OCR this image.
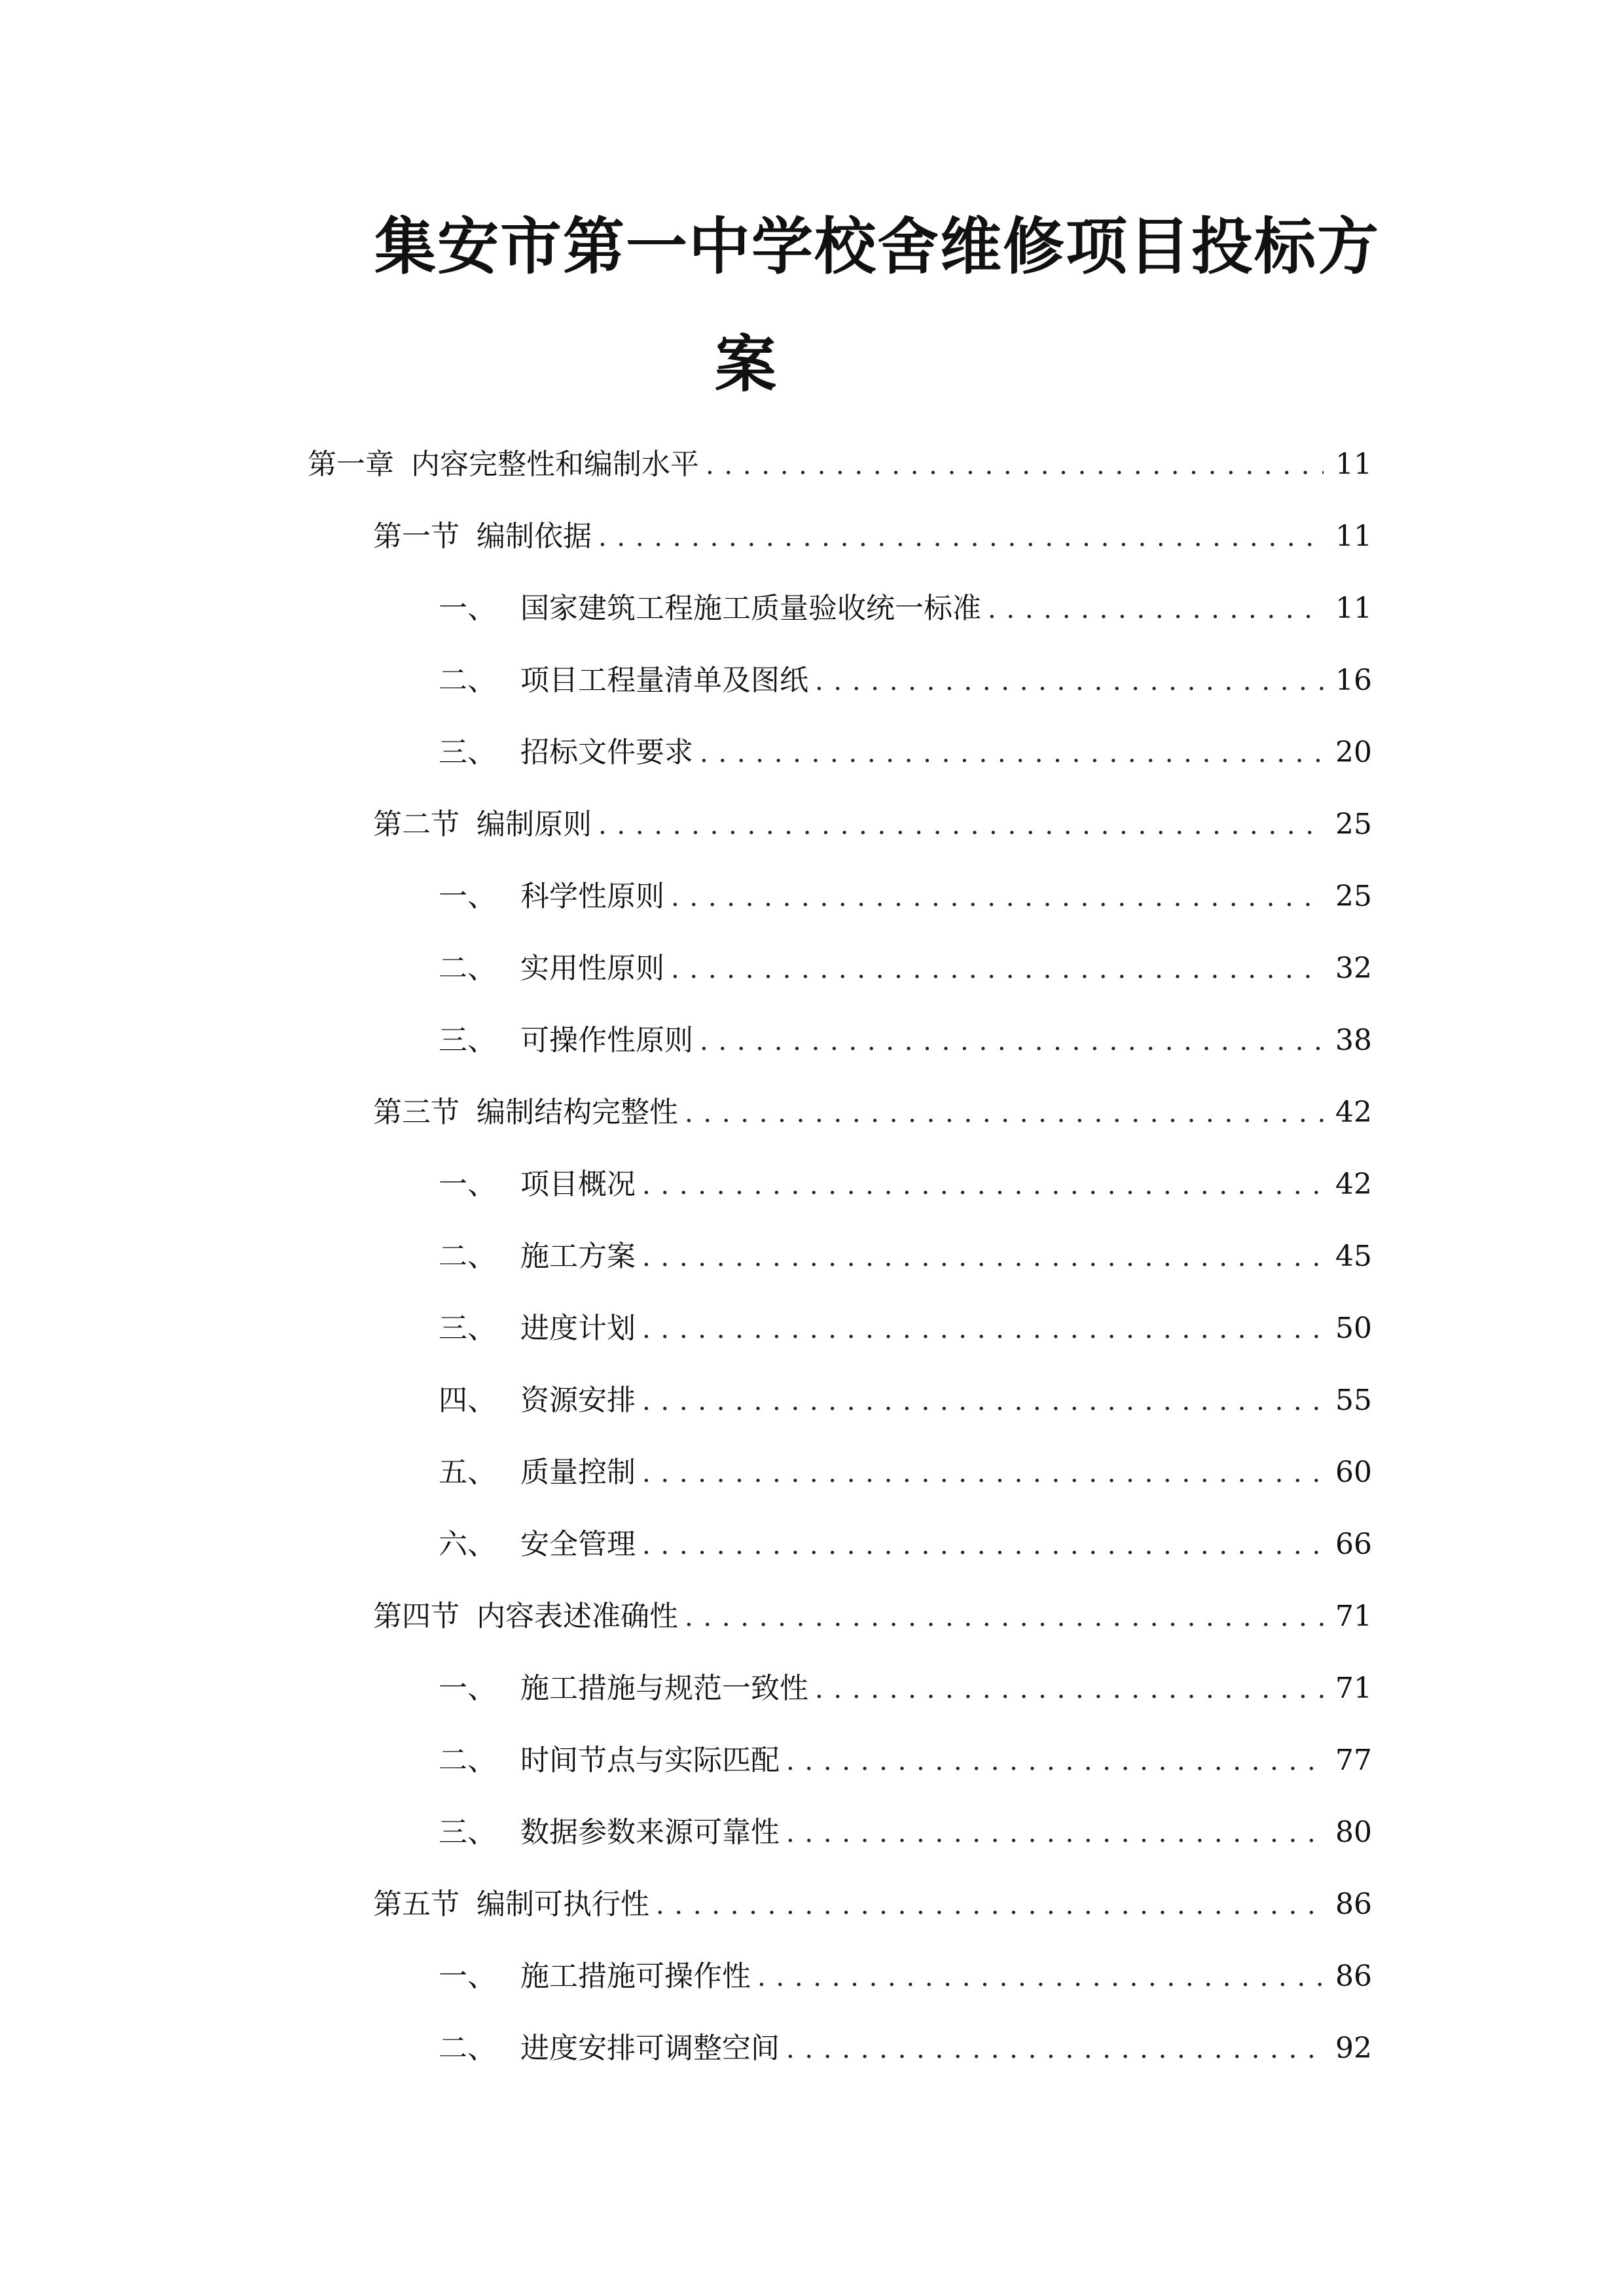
集安市第一中学校舍维修项目投标方
案
第一章 内容完整性和编制水平 . . .	11
第一节 编制依据 . . .	11
一、 国家建筑工程施工质量验收统一标准 . . .	11
二、 项目工程量清单及图纸 . . .	16
三、 招标文件要求 . . .	20
第二节 编制原则 . . .	25
一、 科学性原则 . . .	25
二、 实用性原则 . . .	32
三、 可操作性原则 . . .	38
第三节 编制结构完整性 . . .	42
一、 项目概况 . . .	42
二、 施工方案 . . .	45
三、 进度计划 . . .	50
四、 资源安排 . . .	55
五、 质量控制 . . .	60
六、 安全管理 . . .	66
第四节 内容表述准确性 . . .	71
一、 施工措施与规范一致性 . . .	71
二、 时间节点与实际匹配 . . .	77
三、 数据参数来源可靠性 . . .	80
第五节 编制可执行性 . . .	86
一、 施工措施可操作性 . . .	86
二、 进度安排可调整空间 . . .	92
